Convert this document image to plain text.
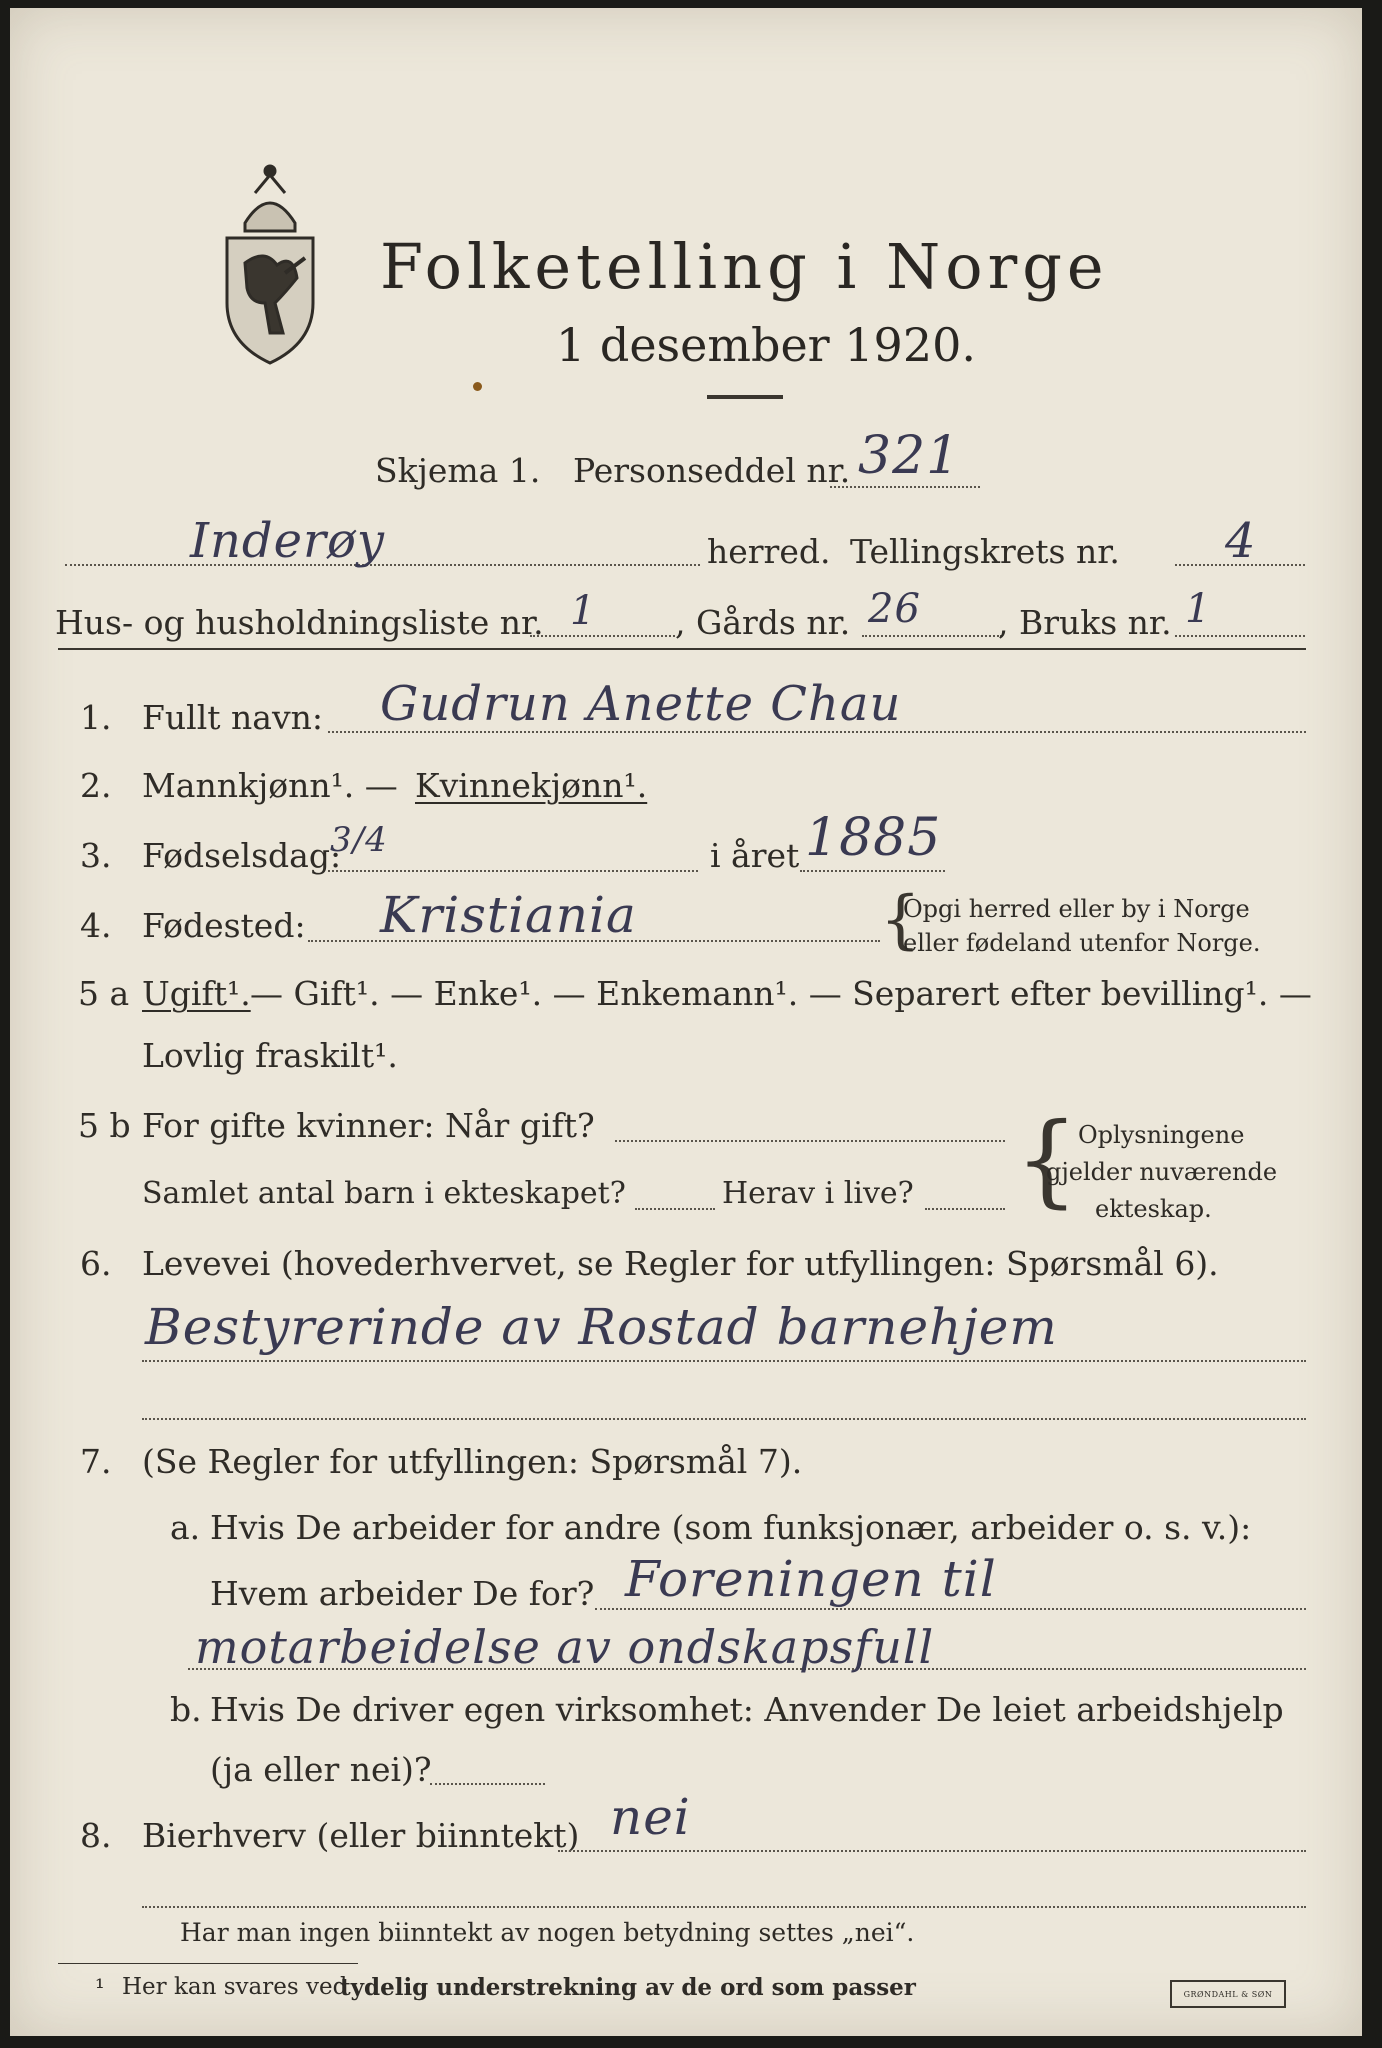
Folketelling i Norge
1 desember 1920.
Skjema 1. Personseddel nr. 321
Inderøy	herred. Tellingskrets nr. 4
Hus- og husholdningsliste nr. 1 , Gårds nr. 26 , Bruks nr. 1
1. Fullt navn: Gudrun Anette Chau
2. Mannkjønn¹. — Kvinnekjønn¹.
3. Fødselsdag:
3/4	i året 1885
4. Fødested: Kristiania	{
Opgi herred eller by i Norge
eller fødeland utenfor Norge.
5 a Ugift¹. — Gift¹. — Enke¹. — Enkemann¹. — Separert efter bevilling¹. —
Lovlig fraskilt¹.
5 b For gifte kvinner: Når gift?
Samlet antal barn i ekteskapet?	Herav i live? { Oplysningene
gjelder nuværende
ekteskap.
6. Levevei (hovederhvervet, se Regler for utfyllingen: Spørsmål 6).
Bestyrerinde av Rostad barnehjem
7. (Se Regler for utfyllingen: Spørsmål 7).
a. Hvis De arbeider for andre (som funksjonær, arbeider o. s. v.):
Hvem arbeider De for? Foreningen til
motarbeidelse av ondskapsfull
b. Hvis De driver egen virksomhet: Anvender De leiet arbeidshjelp
(ja eller nei)?
8. Bierhverv (eller biinntekt) nei
Har man ingen biinntekt av nogen betydning settes „nei“.
¹ Her kan svares ved
tydelig understrekning av de ord som passer	GRØNDAHL & SØN
